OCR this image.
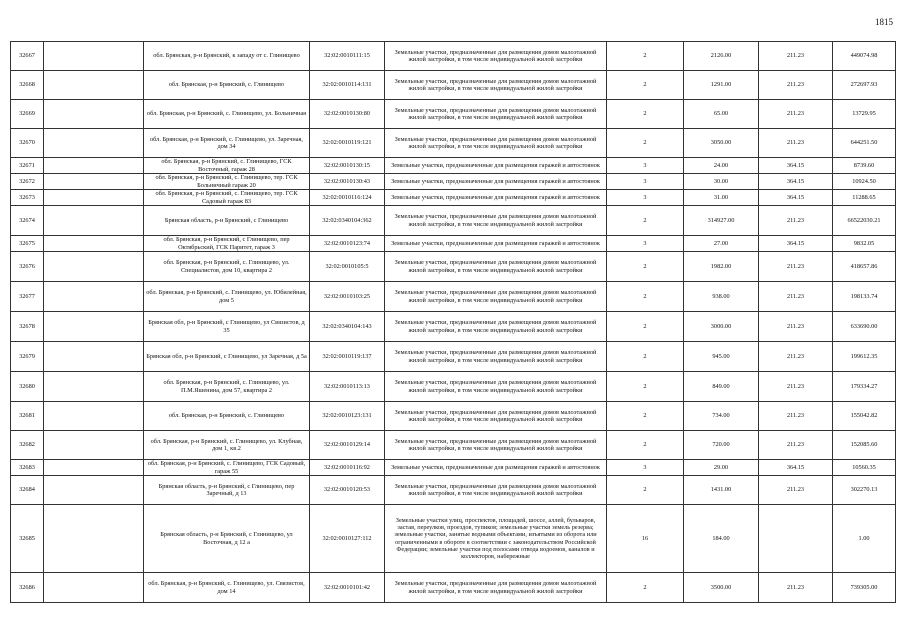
1815
32667		обл. Брянская, р-н Брянский, к западу от с. Глинищево	32:02:0010111:15	Земельные участки, предназначенные для размещения домов малоэтажной жилой застройки, в том числе индивидуальной жилой застройки	2	2126.00	211.23	449074.98
32668		обл. Брянская, р-н Брянский, с. Глинищево	32:02:0010114:131	Земельные участки, предназначенные для размещения домов малоэтажной жилой застройки, в том числе индивидуальной жилой застройки	2	1291.00	211.23	272697.93
32669		обл. Брянская, р-н Брянский, с. Глинищево, ул. Больничная	32:02:0010130:80	Земельные участки, предназначенные для размещения домов малоэтажной жилой застройки, в том числе индивидуальной жилой застройки	2	65.00	211.23	13729.95
32670		обл. Брянская, р-н Брянский, с. Глинищево, ул. Заречная, дом 34	32:02:0010119:121	Земельные участки, предназначенные для размещения домов малоэтажной жилой застройки, в том числе индивидуальной жилой застройки	2	3050.00	211.23	644251.50
32671		обл. Брянская, р-н Брянский, с. Глинищево, ГСК Восточный, гараж 28	32:02:0010130:15	Земельные участки, предназначенные для размещения гаражей и автостоянок	3	24.00	364.15	8739.60
32672		обл. Брянская, р-н Брянский, с. Глинищево, тер. ГСК Больничный гараж 20	32:02:0010130:43	Земельные участки, предназначенные для размещения гаражей и автостоянок	3	30.00	364.15	10924.50
32673		обл. Брянская, р-н Брянский, с. Глинищево, тер. ГСК Садовый гараж 83	32:02:0010116:124	Земельные участки, предназначенные для размещения гаражей и автостоянок	3	31.00	364.15	11288.65
32674		Брянская область, р-н Брянский, с Глинищево	32:02:0340104:362	Земельные участки, предназначенные для размещения домов малоэтажной жилой застройки, в том числе индивидуальной жилой застройки	2	314927.00	211.23	66522030.21
32675		обл. Брянская, р-н Брянский, с Глинищево, пер Октябрьский, ГСК Паритет, гараж 3	32:02:0010123:74	Земельные участки, предназначенные для размещения гаражей и автостоянок	3	27.00	364.15	9832.05
32676		обл. Брянская, р-н Брянский, с. Глинищево, ул. Специалистов, дом 10, квартира 2	32:02:0010105:5	Земельные участки, предназначенные для размещения домов малоэтажной жилой застройки, в том числе индивидуальной жилой застройки	2	1982.00	211.23	418657.86
32677		обл. Брянская, р-н Брянский, с. Глинищево, ул. Юбилейная, дом 5	32:02:0010103:25	Земельные участки, предназначенные для размещения домов малоэтажной жилой застройки, в том числе индивидуальной жилой застройки	2	938.00	211.23	198133.74
32678		Брянская обл, р-н Брянский, с Глинищево, ул Связистов, д 35	32:02:0340104:143	Земельные участки, предназначенные для размещения домов малоэтажной жилой застройки, в том числе индивидуальной жилой застройки	2	3000.00	211.23	633690.00
32679		Брянская обл, р-н Брянский, с Глинищево, ул Заречная, д 5а	32:02:0010119:137	Земельные участки, предназначенные для размещения домов малоэтажной жилой застройки, в том числе индивидуальной жилой застройки	2	945.00	211.23	199612.35
32680		обл. Брянская, р-н Брянский, с. Глинищево, ул. П.М.Яшенина, дом 57, квартира 2	32:02:0010113:13	Земельные участки, предназначенные для размещения домов малоэтажной жилой застройки, в том числе индивидуальной жилой застройки	2	849.00	211.23	179334.27
32681		обл. Брянская, р-н Брянский, с. Глинищево	32:02:0010123:131	Земельные участки, предназначенные для размещения домов малоэтажной жилой застройки, в том числе индивидуальной жилой застройки	2	734.00	211.23	155042.82
32682		обл. Брянская, р-н Брянский, с. Глинищево, ул. Клубная, дом 1, кв.2	32:02:0010129:14	Земельные участки, предназначенные для размещения домов малоэтажной жилой застройки, в том числе индивидуальной жилой застройки	2	720.00	211.23	152085.60
32683		обл. Брянская, р-н Брянский, с. Глинищево, ГСК Садовый, гараж 55	32:02:0010116:92	Земельные участки, предназначенные для размещения гаражей и автостоянок	3	29.00	364.15	10560.35
32684		Брянская область, р-н Брянский, с Глинищево, пер Заречный, д 13	32:02:0010120:53	Земельные участки, предназначенные для размещения домов малоэтажной жилой застройки, в том числе индивидуальной жилой застройки	2	1431.00	211.23	302270.13
32685		Брянская область, р-н Брянский, с Глинищево, ул Восточная, д 12 а	32:02:0010127:112	Земельные участки улиц, проспектов, площадей, шоссе, аллей, бульваров, застав, переулков, проездов, тупиков; земельные участки земель резерва; земельные участки, занятые водными объектами, изъятыми из оборота или ограниченными в обороте в соответствии с законодательством Российской Федерации; земельные участки под полосами отвода водоемов, каналов и коллекторов, набережные	16	184.00		1.00
32686		обл. Брянская, р-н Брянский, с. Глинищево, ул. Связистов, дом 14	32:02:0010101:42	Земельные участки, предназначенные для размещения домов малоэтажной жилой застройки, в том числе индивидуальной жилой застройки	2	3500.00	211.23	739305.00
